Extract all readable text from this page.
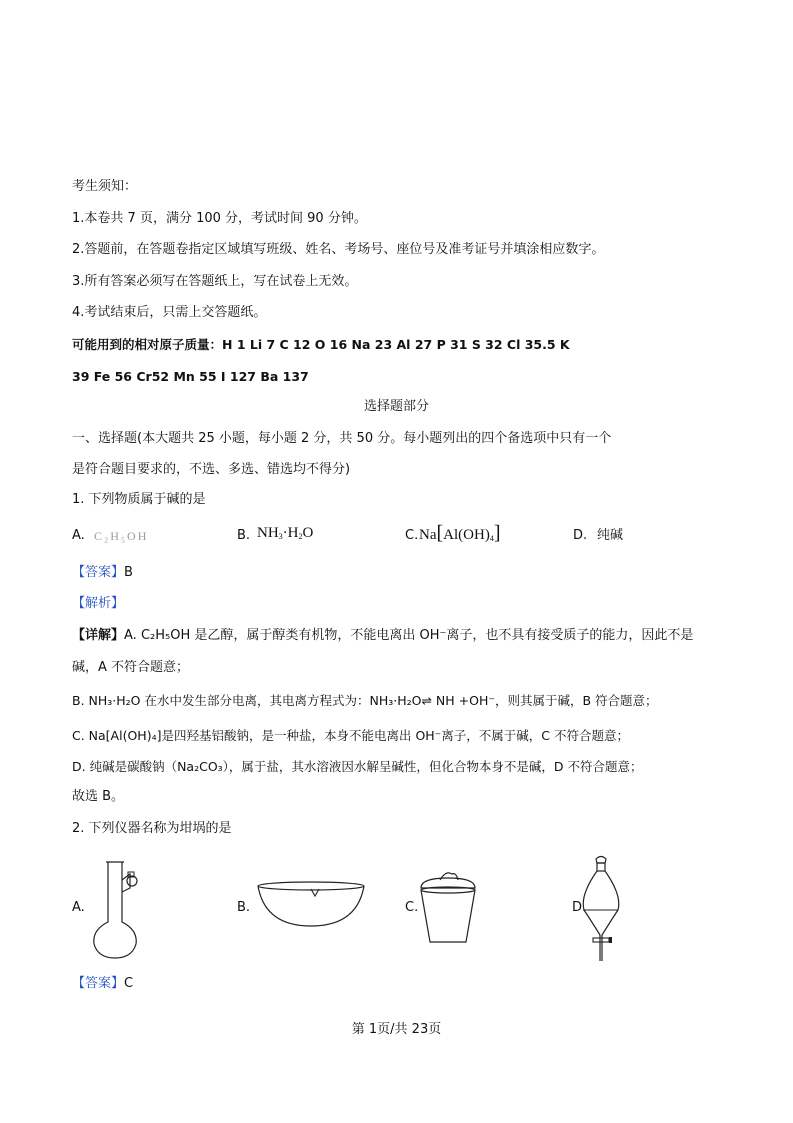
考生须知：
1.本卷共 7 页，满分 100 分，考试时间 90 分钟。
2.答题前，在答题卷指定区域填写班级、姓名、考场号、座位号及准考证号并填涂相应数字。
3.所有答案必须写在答题纸上，写在试卷上无效。
4.考试结束后，只需上交答题纸。
可能用到的相对原子质量：H 1 Li 7 C 12 O 16 Na 23 Al 27 P 31 S 32 Cl 35.5 K
39 Fe 56 Cr52 Mn 55 I 127 Ba 137
选择题部分
一、选择题(本大题共 25 小题，每小题 2 分，共 50 分。每小题列出的四个备选项中只有一个
是符合题目要求的，不选、多选、错选均不得分)
1. 下列物质属于碱的是
A. C₂H₅OH	B. $NH_3\cdot H_2O$	C. $Na[Al(OH)_4]$	D. 纯碱
【答案】B
【解析】
【详解】A. C₂H₅OH 是乙醇，属于醇类有机物，不能电离出 OH⁻离子，也不具有接受质子的能力，因此不是
碱，A 不符合题意；
B. NH₃·H₂O 在水中发生部分电离，其电离方程式为：NH₃·H₂O⇌ NH +OH⁻，则其属于碱，B 符合题意；
C. Na[Al(OH)₄]是四羟基铝酸钠，是一种盐，本身不能电离出 OH⁻离子，不属于碱，C 不符合题意；
D. 纯碱是碳酸钠（Na₂CO₃），属于盐，其水溶液因水解呈碱性，但化合物本身不是碱，D 不符合题意；
故选 B。
2. 下列仪器名称为坩埚的是
A.	B.	C.	D.
【答案】C
第 1页/共 23页
